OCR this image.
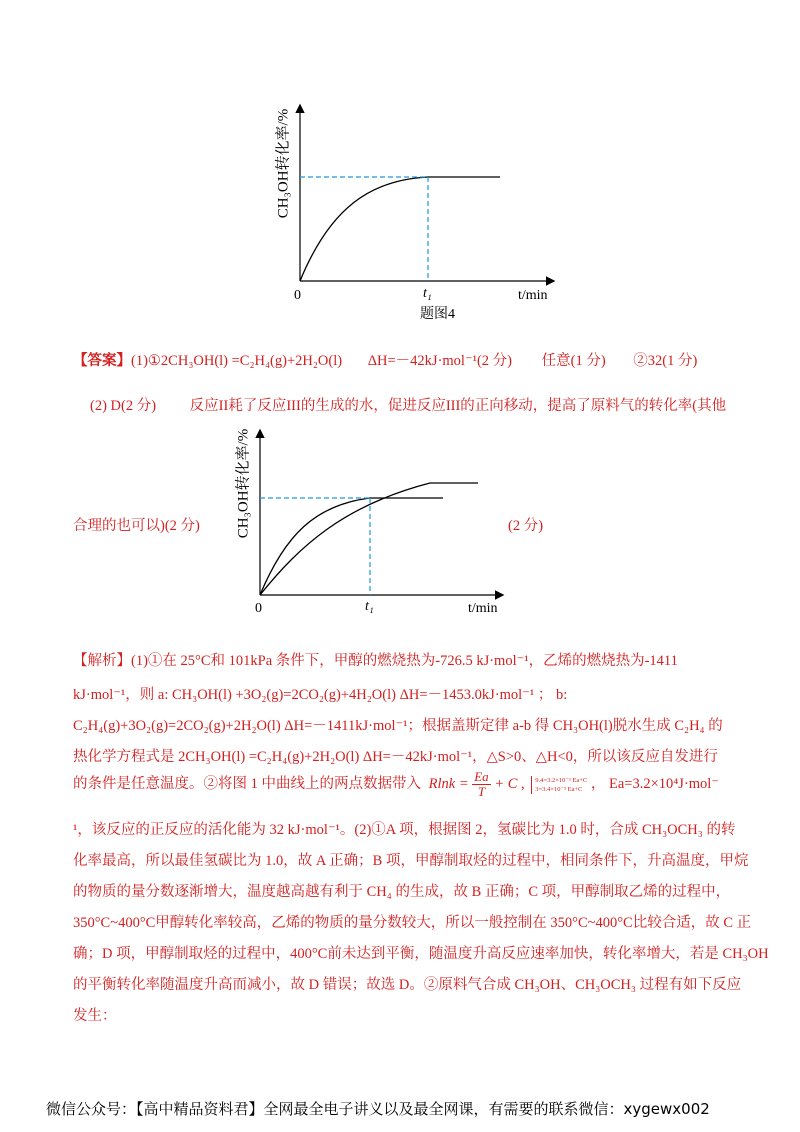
CH₃OH转化率/%
0	t₁	t/min
题图4
【答案】(1)①2CH₃OH(l) =C₂H₄(g)+2H₂O(l) ΔH=－42kJ·mol⁻¹(2 分) 任意(1 分) ②32(1 分)
(2) D(2 分) 反应II耗了反应III的生成的水，促进反应III的正向移动，提高了原料气的转化率(其他
合理的也可以)(2 分)	(2 分)
CH₃OH转化率/%
0	t₁	t/min
【解析】(1)①在 25°C和 101kPa 条件下，甲醇的燃烧热为-726.5 kJ·mol⁻¹，乙烯的燃烧热为-1411
kJ·mol⁻¹，则 a: CH₃OH(l) +3O₂(g)=2CO₂(g)+4H₂O(l) ΔH=－1453.0kJ·mol⁻¹ ； b:
C₂H₄(g)+3O₂(g)=2CO₂(g)+2H₂O(l) ΔH=－1411kJ·mol⁻¹；根据盖斯定律 a-b 得 CH₃OH(l)脱水生成 C₂H₄ 的
热化学方程式是 2CH₃OH(l) =C₂H₄(g)+2H₂O(l) ΔH=－42kJ·mol⁻¹，△S>0、△H<0，所以该反应自发进行
的条件是任意温度。②将图 1 中曲线上的两点数据带入 $Rlnk = \frac{Ea}{T} + C$ , 9.4=3.2×10⁻³ Ea+C
3=3.4×10⁻³ Ea+C ， Ea=3.2×10⁴J·mol⁻
¹，该反应的正反应的活化能为 32 kJ·mol⁻¹。(2)①A 项，根据图 2，氢碳比为 1.0 时，合成 CH₃OCH₃ 的转
化率最高，所以最佳氢碳比为 1.0，故 A 正确；B 项，甲醇制取烃的过程中，相同条件下，升高温度，甲烷
的物质的量分数逐渐增大，温度越高越有利于 CH₄ 的生成，故 B 正确；C 项，甲醇制取乙烯的过程中，
350°C~400°C甲醇转化率较高，乙烯的物质的量分数较大，所以一般控制在 350°C~400°C比较合适，故 C 正
确；D 项，甲醇制取烃的过程中，400°C前未达到平衡，随温度升高反应速率加快，转化率增大，若是 CH₃OH
的平衡转化率随温度升高而减小，故 D 错误；故选 D。②原料气合成 CH₃OH、CH₃OCH₃ 过程有如下反应
发生：
微信公众号：【高中精品资料君】全网最全电子讲义以及最全网课，有需要的联系微信：xygewx002
